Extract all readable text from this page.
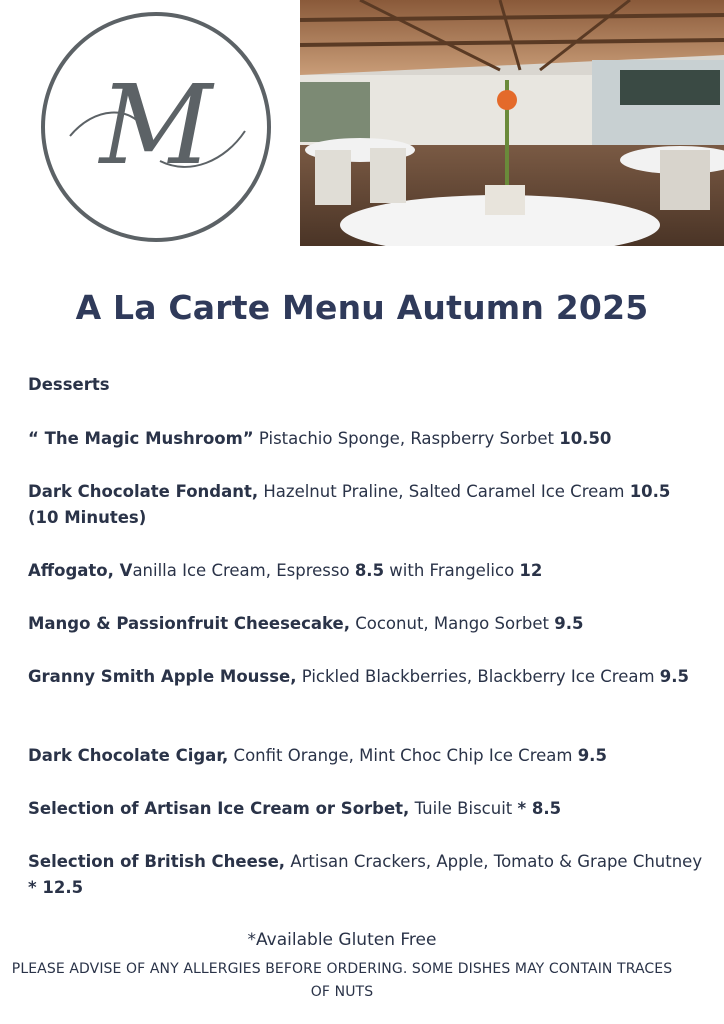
M
A La Carte Menu Autumn 2025
Desserts
“ The Magic Mushroom” Pistachio Sponge, Raspberry Sorbet 10.50
Dark Chocolate Fondant, Hazelnut Praline, Salted Caramel Ice Cream 10.5
(10 Minutes)
Affogato, Vanilla Ice Cream, Espresso 8.5 with Frangelico 12
Mango & Passionfruit Cheesecake, Coconut, Mango Sorbet 9.5
Granny Smith Apple Mousse, Pickled Blackberries, Blackberry Ice Cream 9.5
Dark Chocolate Cigar, Confit Orange, Mint Choc Chip Ice Cream 9.5
Selection of Artisan Ice Cream or Sorbet, Tuile Biscuit * 8.5
Selection of British Cheese, Artisan Crackers, Apple, Tomato & Grape Chutney * 12.5
*Available Gluten Free
PLEASE ADVISE OF ANY ALLERGIES BEFORE ORDERING. SOME DISHES MAY CONTAIN TRACES OF NUTS
